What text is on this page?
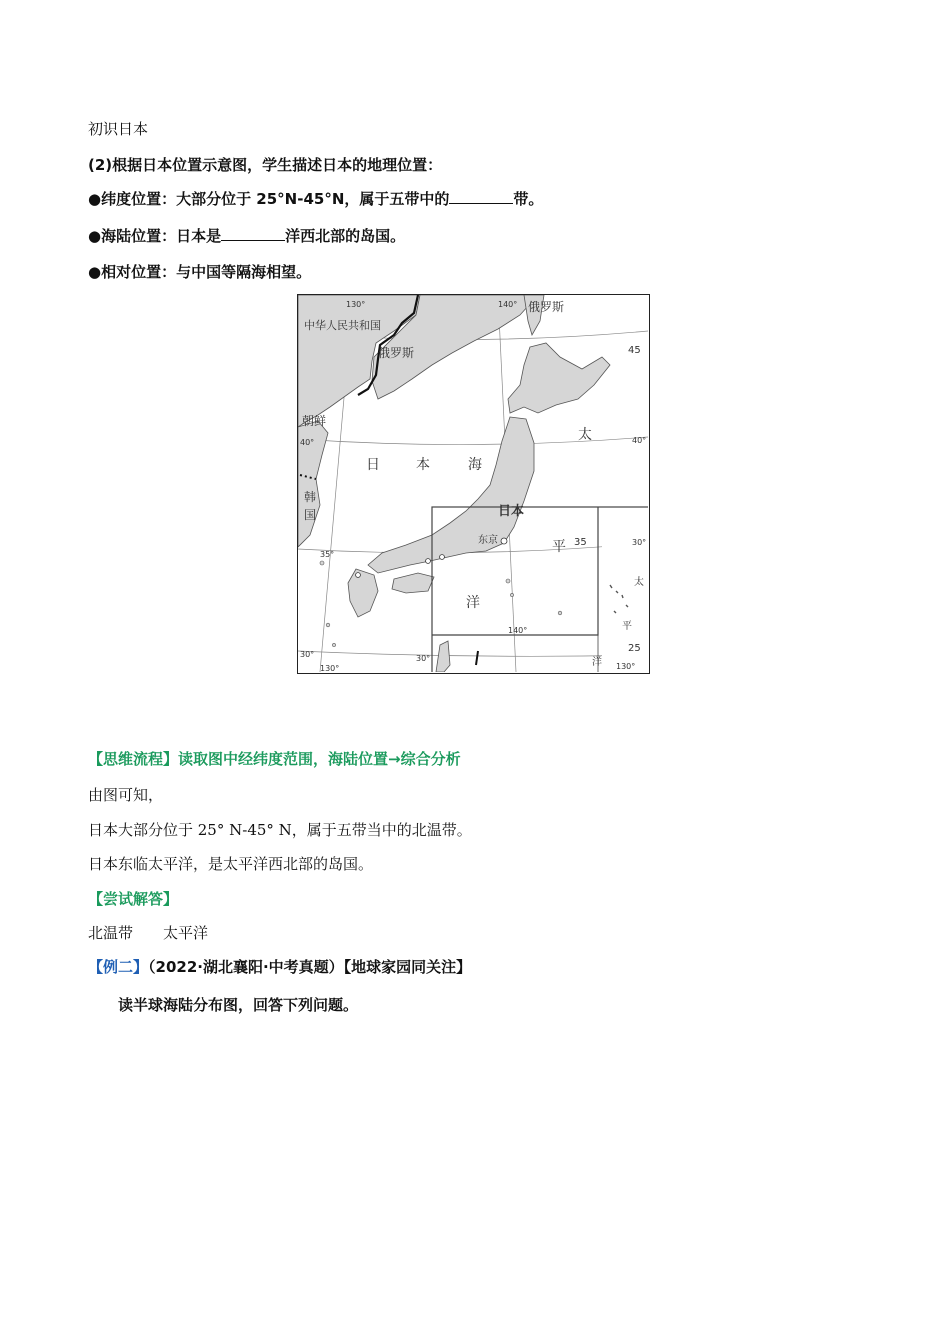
初识日本
(2)根据日本位置示意图，学生描述日本的地理位置：
●纬度位置：大部分位于 25°N-45°N，属于五带中的	带。
●海陆位置：日本是	洋西北部的岛国。
●相对位置：与中国等隔海相望。
中华人民共和国
俄罗斯
俄罗斯
朝鲜
韩
国
日	本	海
日本
东京
太
平
洋
太
平
洋
130°	140°
45
40°	40°
35°
35
30°	30°
130°
140°
30°
25
130°
【思维流程】读取图中经纬度范围，海陆位置→综合分析
由图可知，
日本大部分位于 25° N-45° N，属于五带当中的北温带。
日本东临太平洋，是太平洋西北部的岛国。
【尝试解答】
北温带　　太平洋
【例二】（2022·湖北襄阳·中考真题）【地球家园同关注】
读半球海陆分布图，回答下列问题。
